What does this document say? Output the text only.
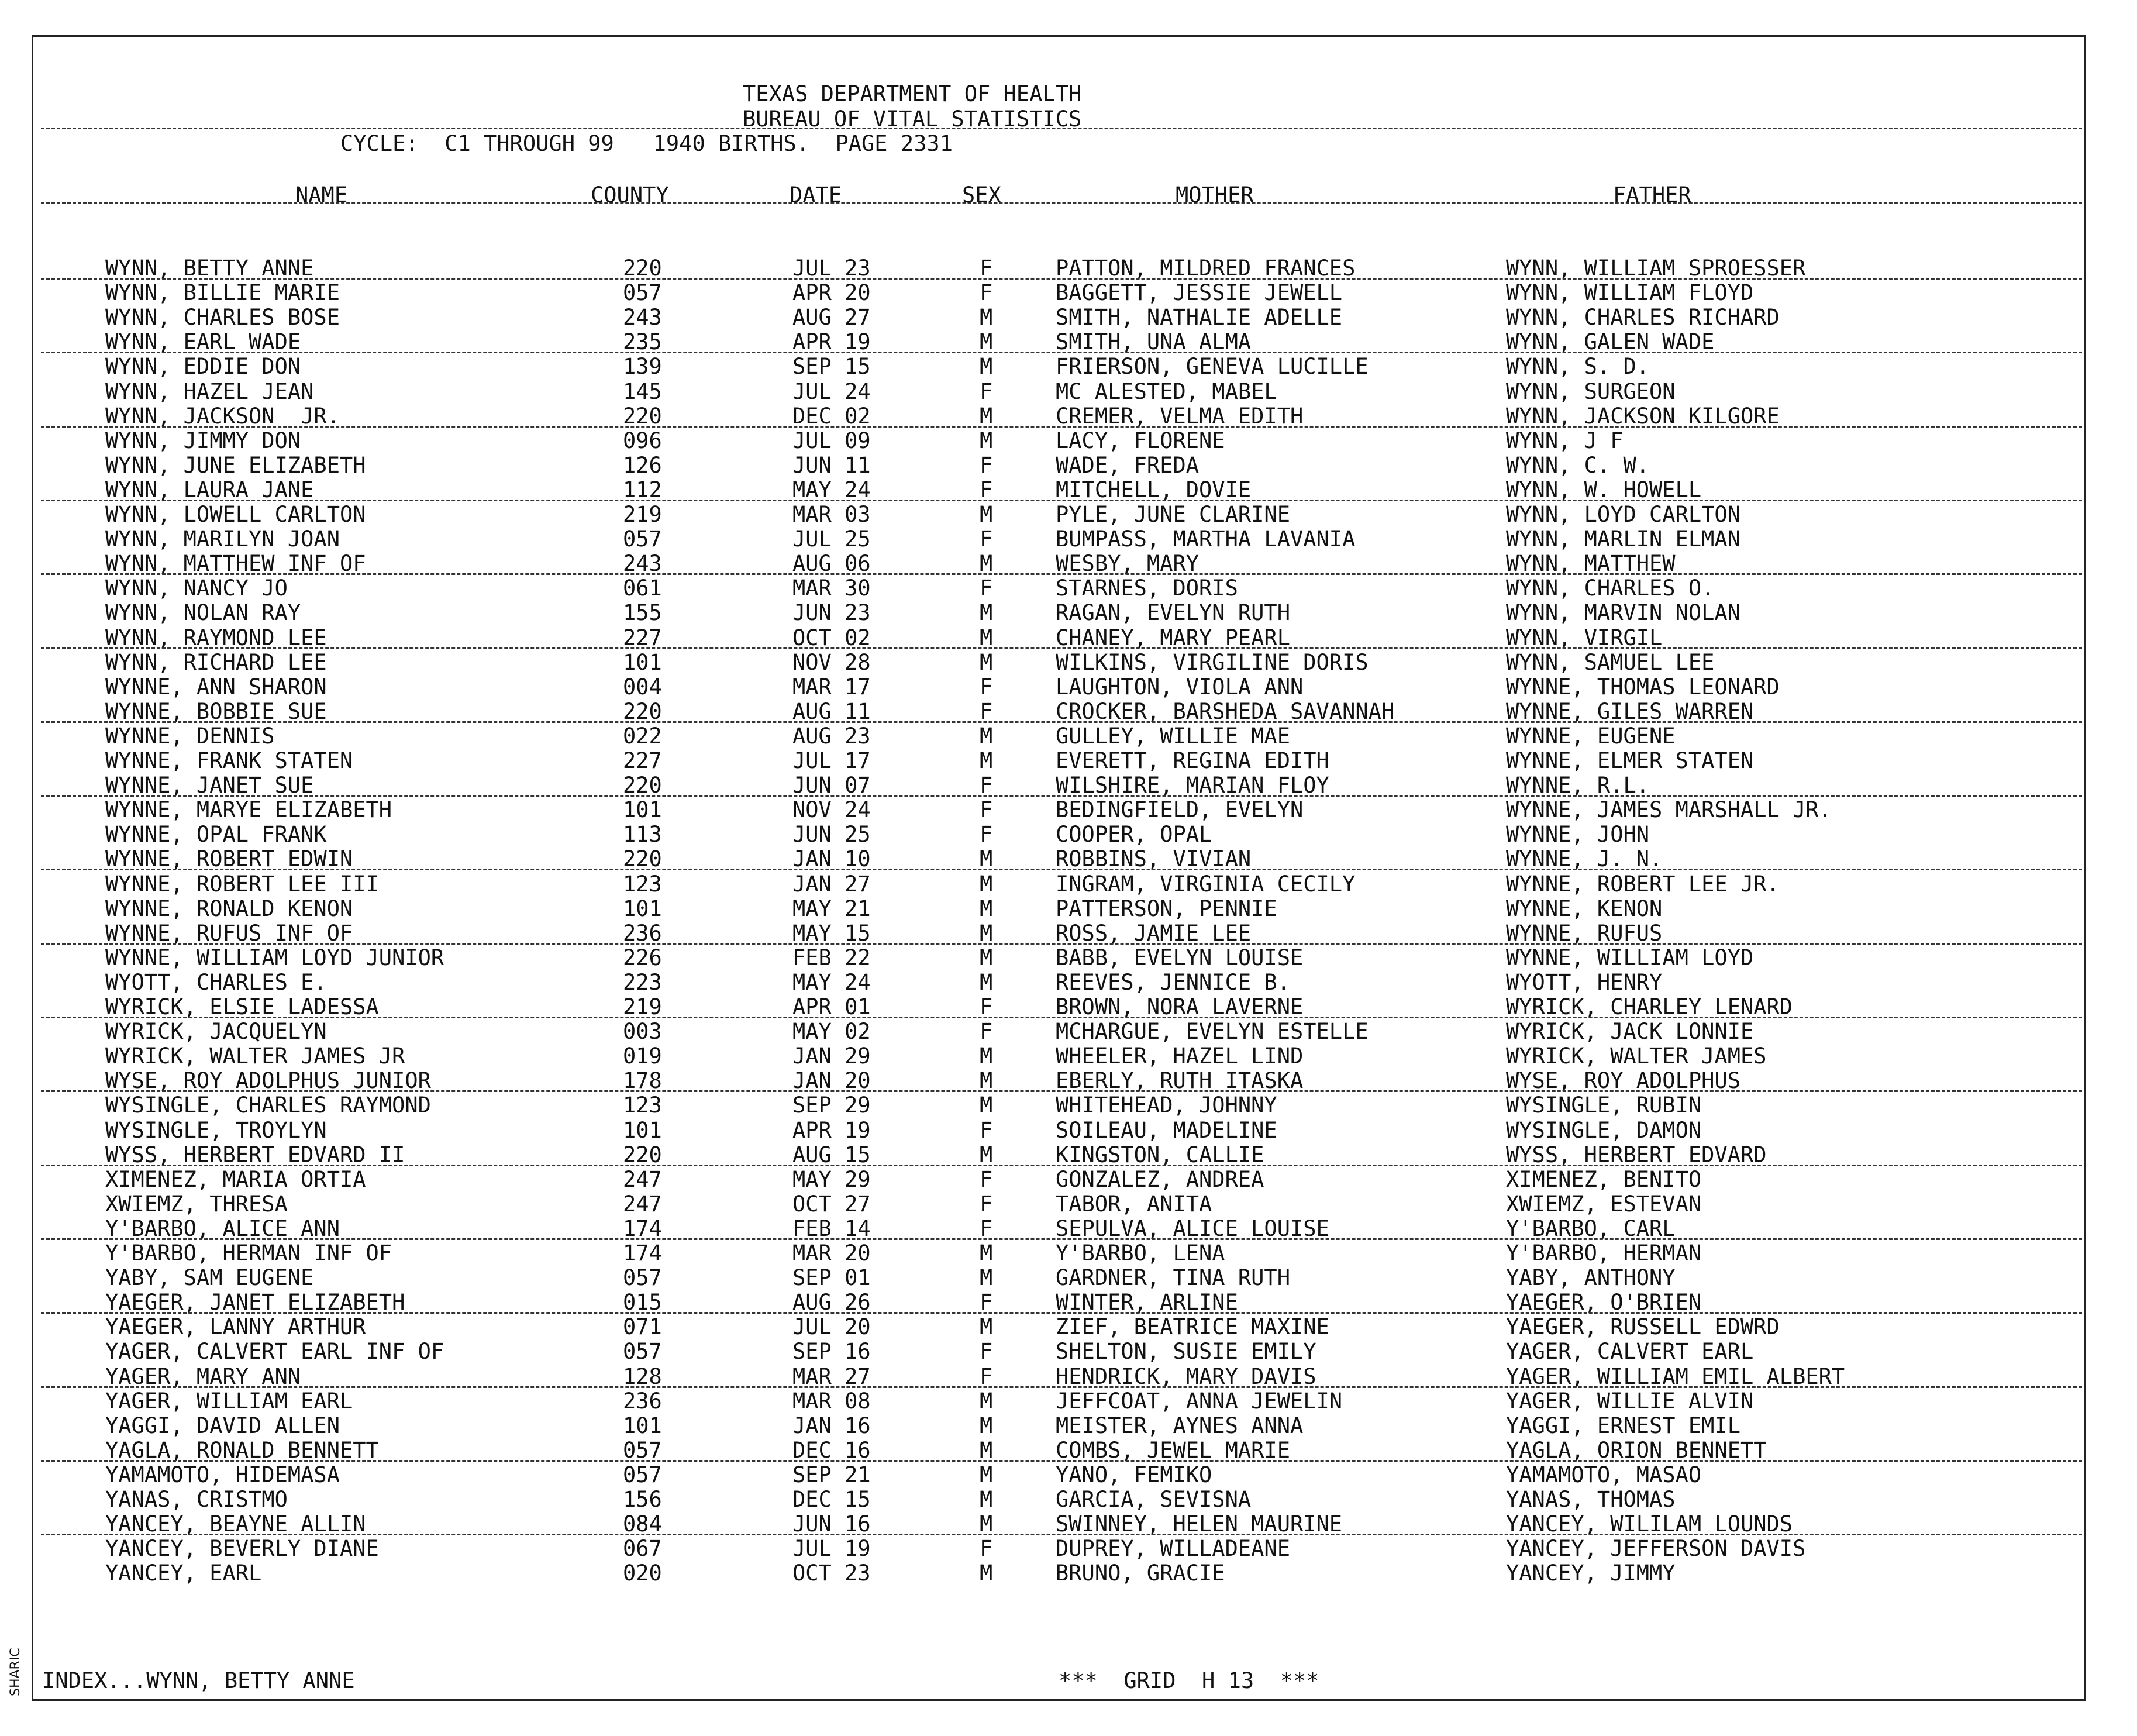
TEXAS DEPARTMENT OF HEALTH
BUREAU OF VITAL STATISTICS
CYCLE:  C1 THROUGH 99   1940 BIRTHS.  PAGE 2331
NAME	COUNTY	DATE	SEX	MOTHER	FATHER
WYNN, BETTY ANNE	220	JUL 23	F	PATTON, MILDRED FRANCES	WYNN, WILLIAM SPROESSER
WYNN, BILLIE MARIE	057	APR 20	F	BAGGETT, JESSIE JEWELL	WYNN, WILLIAM FLOYD
WYNN, CHARLES BOSE	243	AUG 27	M	SMITH, NATHALIE ADELLE	WYNN, CHARLES RICHARD
WYNN, EARL WADE	235	APR 19	M	SMITH, UNA ALMA	WYNN, GALEN WADE
WYNN, EDDIE DON	139	SEP 15	M	FRIERSON, GENEVA LUCILLE	WYNN, S. D.
WYNN, HAZEL JEAN	145	JUL 24	F	MC ALESTED, MABEL	WYNN, SURGEON
WYNN, JACKSON  JR.	220	DEC 02	M	CREMER, VELMA EDITH	WYNN, JACKSON KILGORE
WYNN, JIMMY DON	096	JUL 09	M	LACY, FLORENE	WYNN, J F
WYNN, JUNE ELIZABETH	126	JUN 11	F	WADE, FREDA	WYNN, C. W.
WYNN, LAURA JANE	112	MAY 24	F	MITCHELL, DOVIE	WYNN, W. HOWELL
WYNN, LOWELL CARLTON	219	MAR 03	M	PYLE, JUNE CLARINE	WYNN, LOYD CARLTON
WYNN, MARILYN JOAN	057	JUL 25	F	BUMPASS, MARTHA LAVANIA	WYNN, MARLIN ELMAN
WYNN, MATTHEW INF OF	243	AUG 06	M	WESBY, MARY	WYNN, MATTHEW
WYNN, NANCY JO	061	MAR 30	F	STARNES, DORIS	WYNN, CHARLES O.
WYNN, NOLAN RAY	155	JUN 23	M	RAGAN, EVELYN RUTH	WYNN, MARVIN NOLAN
WYNN, RAYMOND LEE	227	OCT 02	M	CHANEY, MARY PEARL	WYNN, VIRGIL
WYNN, RICHARD LEE	101	NOV 28	M	WILKINS, VIRGILINE DORIS	WYNN, SAMUEL LEE
WYNNE, ANN SHARON	004	MAR 17	F	LAUGHTON, VIOLA ANN	WYNNE, THOMAS LEONARD
WYNNE, BOBBIE SUE	220	AUG 11	F	CROCKER, BARSHEDA SAVANNAH	WYNNE, GILES WARREN
WYNNE, DENNIS	022	AUG 23	M	GULLEY, WILLIE MAE	WYNNE, EUGENE
WYNNE, FRANK STATEN	227	JUL 17	M	EVERETT, REGINA EDITH	WYNNE, ELMER STATEN
WYNNE, JANET SUE	220	JUN 07	F	WILSHIRE, MARIAN FLOY	WYNNE, R.L.
WYNNE, MARYE ELIZABETH	101	NOV 24	F	BEDINGFIELD, EVELYN	WYNNE, JAMES MARSHALL JR.
WYNNE, OPAL FRANK	113	JUN 25	F	COOPER, OPAL	WYNNE, JOHN
WYNNE, ROBERT EDWIN	220	JAN 10	M	ROBBINS, VIVIAN	WYNNE, J. N.
WYNNE, ROBERT LEE III	123	JAN 27	M	INGRAM, VIRGINIA CECILY	WYNNE, ROBERT LEE JR.
WYNNE, RONALD KENON	101	MAY 21	M	PATTERSON, PENNIE	WYNNE, KENON
WYNNE, RUFUS INF OF	236	MAY 15	M	ROSS, JAMIE LEE	WYNNE, RUFUS
WYNNE, WILLIAM LOYD JUNIOR	226	FEB 22	M	BABB, EVELYN LOUISE	WYNNE, WILLIAM LOYD
WYOTT, CHARLES E.	223	MAY 24	M	REEVES, JENNICE B.	WYOTT, HENRY
WYRICK, ELSIE LADESSA	219	APR 01	F	BROWN, NORA LAVERNE	WYRICK, CHARLEY LENARD
WYRICK, JACQUELYN	003	MAY 02	F	MCHARGUE, EVELYN ESTELLE	WYRICK, JACK LONNIE
WYRICK, WALTER JAMES JR	019	JAN 29	M	WHEELER, HAZEL LIND	WYRICK, WALTER JAMES
WYSE, ROY ADOLPHUS JUNIOR	178	JAN 20	M	EBERLY, RUTH ITASKA	WYSE, ROY ADOLPHUS
WYSINGLE, CHARLES RAYMOND	123	SEP 29	M	WHITEHEAD, JOHNNY	WYSINGLE, RUBIN
WYSINGLE, TROYLYN	101	APR 19	F	SOILEAU, MADELINE	WYSINGLE, DAMON
WYSS, HERBERT EDVARD II	220	AUG 15	M	KINGSTON, CALLIE	WYSS, HERBERT EDVARD
XIMENEZ, MARIA ORTIA	247	MAY 29	F	GONZALEZ, ANDREA	XIMENEZ, BENITO
XWIEMZ, THRESA	247	OCT 27	F	TABOR, ANITA	XWIEMZ, ESTEVAN
Y'BARBO, ALICE ANN	174	FEB 14	F	SEPULVA, ALICE LOUISE	Y'BARBO, CARL
Y'BARBO, HERMAN INF OF	174	MAR 20	M	Y'BARBO, LENA	Y'BARBO, HERMAN
YABY, SAM EUGENE	057	SEP 01	M	GARDNER, TINA RUTH	YABY, ANTHONY
YAEGER, JANET ELIZABETH	015	AUG 26	F	WINTER, ARLINE	YAEGER, O'BRIEN
YAEGER, LANNY ARTHUR	071	JUL 20	M	ZIEF, BEATRICE MAXINE	YAEGER, RUSSELL EDWRD
YAGER, CALVERT EARL INF OF	057	SEP 16	F	SHELTON, SUSIE EMILY	YAGER, CALVERT EARL
YAGER, MARY ANN	128	MAR 27	F	HENDRICK, MARY DAVIS	YAGER, WILLIAM EMIL ALBERT
YAGER, WILLIAM EARL	236	MAR 08	M	JEFFCOAT, ANNA JEWELIN	YAGER, WILLIE ALVIN
YAGGI, DAVID ALLEN	101	JAN 16	M	MEISTER, AYNES ANNA	YAGGI, ERNEST EMIL
YAGLA, RONALD BENNETT	057	DEC 16	M	COMBS, JEWEL MARIE	YAGLA, ORION BENNETT
YAMAMOTO, HIDEMASA	057	SEP 21	M	YANO, FEMIKO	YAMAMOTO, MASAO
YANAS, CRISTMO	156	DEC 15	M	GARCIA, SEVISNA	YANAS, THOMAS
YANCEY, BEAYNE ALLIN	084	JUN 16	M	SWINNEY, HELEN MAURINE	YANCEY, WILILAM LOUNDS
YANCEY, BEVERLY DIANE	067	JUL 19	F	DUPREY, WILLADEANE	YANCEY, JEFFERSON DAVIS
YANCEY, EARL	020	OCT 23	M	BRUNO, GRACIE	YANCEY, JIMMY
INDEX...WYNN, BETTY ANNE	***  GRID  H 13  ***
SHARIC
